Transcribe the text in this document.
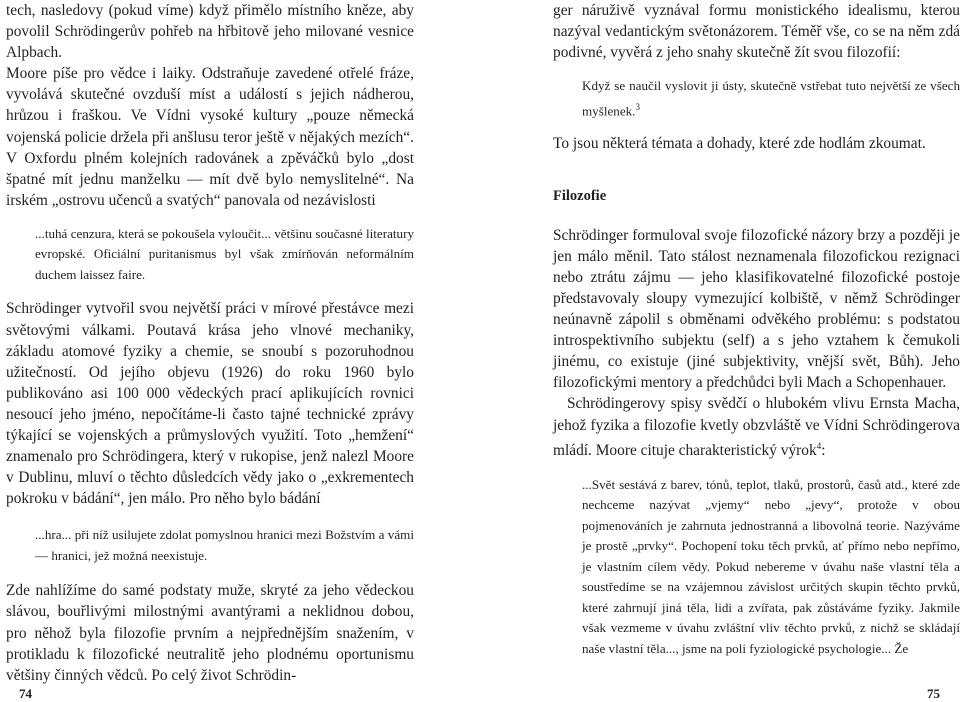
tech, nasledovy (pokud víme) když přimělo místního kněze, aby povolil Schrödingerův pohřeb na hřbitově jeho milované vesnice Alpbach.

Moore píše pro vědce i laiky. Odstraňuje zavedené otřelé fráze, vyvolává skutečné ovzduší míst a událostí s jejich nádherou, hrůzou i fraškou. Ve Vídni vysoké kultury „pouze německá vojenská policie držela při anšlusu teror ještě v nějakých mezích“. V Oxfordu plném kolejních radovánek a zpěváčků bylo „dost špatné mít jednu manželku — mít dvě bylo nemyslitelné“. Na irském „ostrovu učenců a svatých“ panovala od nezávislosti

...tuhá cenzura, která se pokoušela vyloučit... většinu současné literatury evropské. Oficiální puritanismus byl však zmírňován neformálním duchem laissez faire.

Schrödinger vytvořil svou největší práci v mírové přestávce mezi světovými válkami. Poutavá krása jeho vlnové mechaniky, základu atomové fyziky a chemie, se snoubí s pozoruhodnou užitečností. Od jejího objevu (1926) do roku 1960 bylo publikováno asi 100 000 vědeckých prací aplikujících rovnici nesoucí jeho jméno, nepočítáme-li často tajné technické zprávy týkající se vojenských a průmyslových využití. Toto „hemžení“ znamenalo pro Schrödingera, který v rukopise, jenž nalezl Moore v Dublinu, mluví o těchto důsledcích vědy jako o „exkrementech pokroku v bádání“, jen málo. Pro něho bylo bádání

...hra... při níž usilujete zdolat pomyslnou hranici mezi Božstvím a vámi — hranici, jež možná neexistuje.

Zde nahlížíme do samé podstaty muže, skryté za jeho vědeckou slávou, bouřlivými milostnými avantýrami a neklidnou dobou, pro něhož byla filozofie prvním a nejpřednějším snažením, v protikladu k filozofické neutralitě jeho plodnému oportunismu většiny činných vědců. Po celý život Schrödin-

74

ger náruživě vyznával formu monistického idealismu, kterou nazýval vedantickým světonázorem. Téměř vše, co se na něm zdá podivné, vyvěrá z jeho snahy skutečně žít svou filozofií:

Když se naučil vyslovit ji ústy, skutečně vstřebat tuto největší ze všech myšlenek.$^3$

To jsou některá témata a dohady, které zde hodlám zkoumat.

Filozofie

Schrödinger formuloval svoje filozofické názory brzy a později je jen málo měnil. Tato stálost neznamenala filozofickou rezignaci nebo ztrátu zájmu — jeho klasifikovatelné filozofické postoje představovaly sloupy vymezující kolbiště, v němž Schrödinger neúnavně zápolil s obměnami odvěkého problému: s podstatou introspektivního subjektu (self) a s jeho vztahem k čemukoli jinému, co existuje (jiné subjektivity, vnější svět, Bůh). Jeho filozofickými mentory a předchůdci byli Mach a Schopenhauer.

Schrödingerovy spisy svědčí o hlubokém vlivu Ernsta Macha, jehož fyzika a filozofie kvetly obzvláště ve Vídni Schrödingerova mládí. Moore cituje charakteristický výrok$^4$:

...Svět sestává z barev, tónů, teplot, tlaků, prostorů, časů atd., které zde nechceme nazývat „vjemy“ nebo „jevy“, protože v obou pojmenováních je zahrnuta jednostranná a libovolná teorie. Nazýváme je prostě „prvky“. Pochopení toku těch prvků, ať přímo nebo nepřímo, je vlastním cílem vědy. Pokud nebereme v úvahu naše vlastní těla a soustředíme se na vzájemnou závislost určitých skupin těchto prvků, které zahrnují jiná těla, lidi a zvířata, pak zůstáváme fyziky. Jakmile však vezmeme v úvahu zvláštní vliv těchto prvků, z nichž se skládají naše vlastní těla..., jsme na poli fyziologické psychologie... Že

75
